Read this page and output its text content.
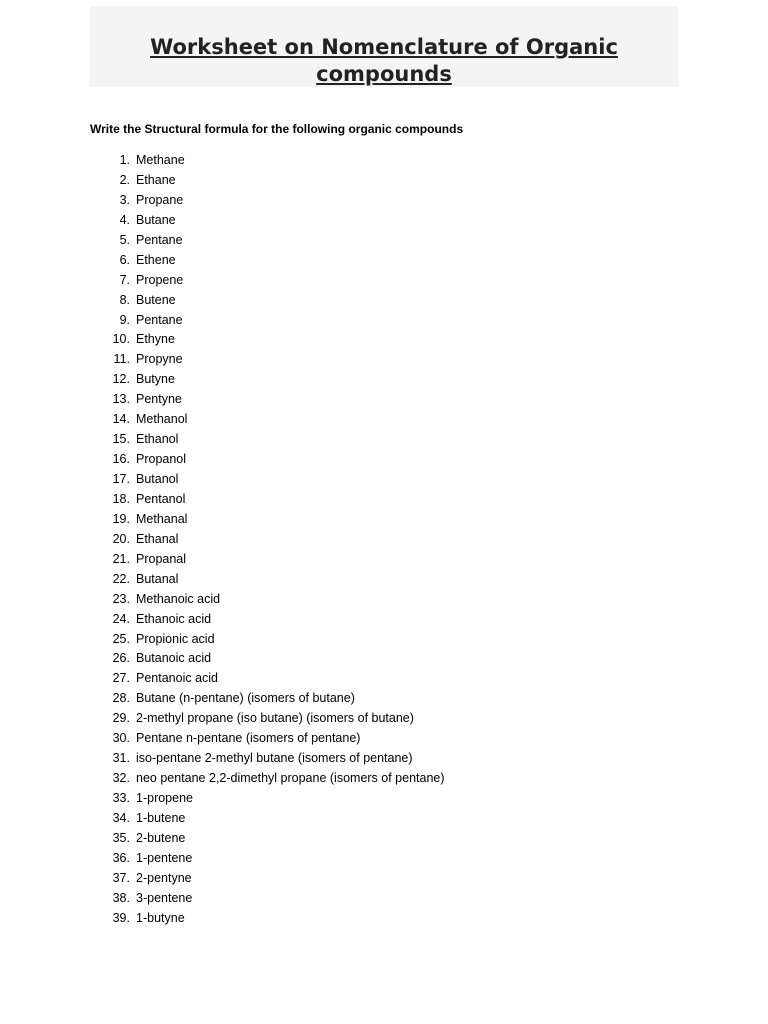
Worksheet on Nomenclature of Organic compounds
Write the Structural formula for the following organic compounds
1. Methane
2. Ethane
3. Propane
4. Butane
5. Pentane
6. Ethene
7. Propene
8. Butene
9. Pentane
10. Ethyne
11. Propyne
12. Butyne
13. Pentyne
14. Methanol
15. Ethanol
16. Propanol
17. Butanol
18. Pentanol
19. Methanal
20. Ethanal
21. Propanal
22. Butanal
23. Methanoic acid
24. Ethanoic acid
25. Propionic acid
26. Butanoic acid
27. Pentanoic acid
28. Butane (n-pentane) (isomers of butane)
29. 2-methyl propane (iso butane) (isomers of butane)
30. Pentane n-pentane (isomers of pentane)
31. iso-pentane 2-methyl butane (isomers of pentane)
32. neo pentane 2,2-dimethyl propane (isomers of pentane)
33. 1-propene
34. 1-butene
35. 2-butene
36. 1-pentene
37. 2-pentyne
38. 3-pentene
39. 1-butyne
